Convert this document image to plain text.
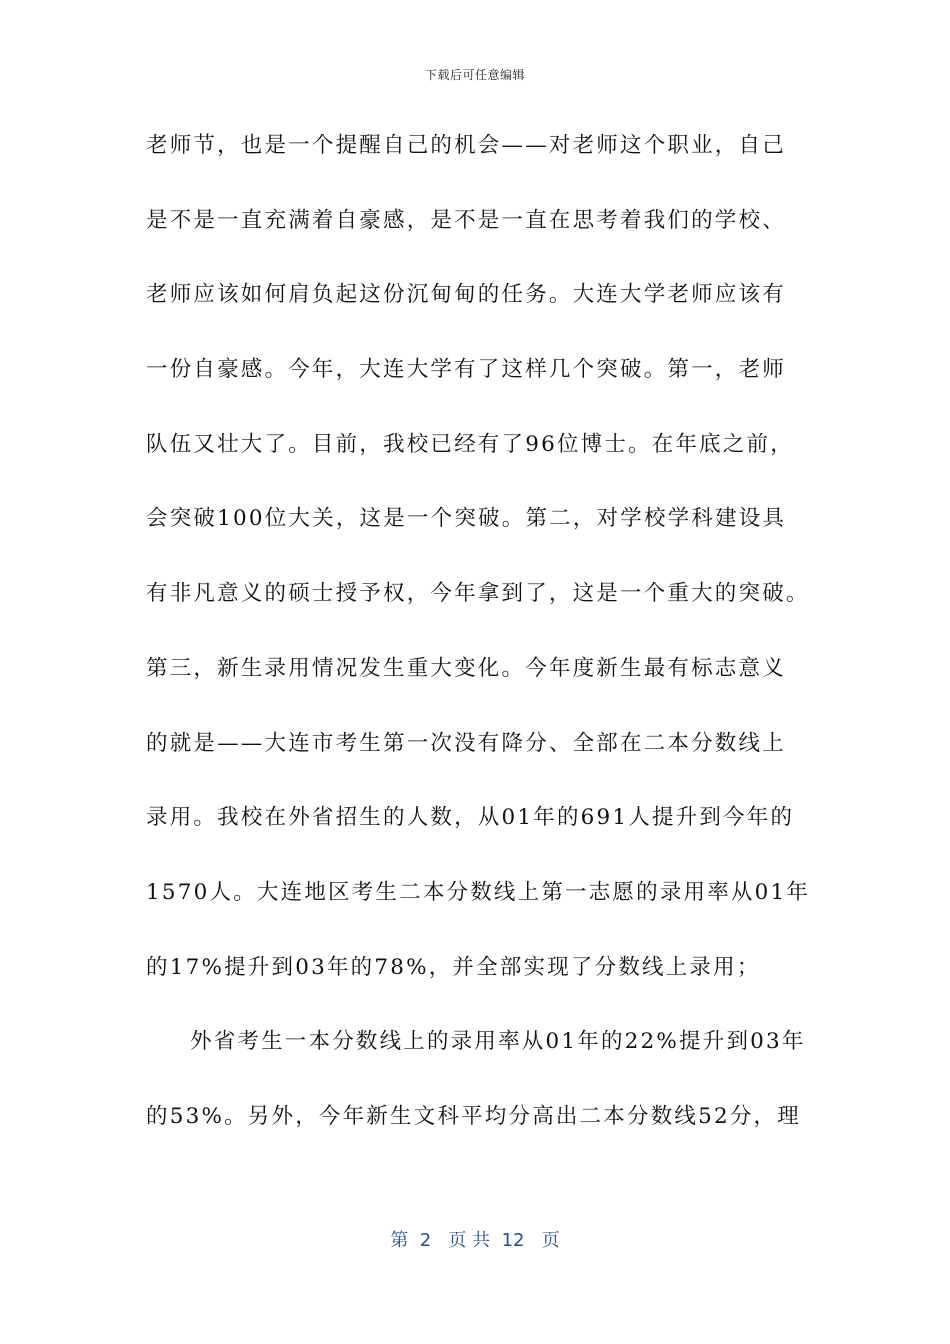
下载后可任意编辑
老师节，也是一个提醒自己的机会——对老师这个职业，自己
是不是一直充满着自豪感，是不是一直在思考着我们的学校、
老师应该如何肩负起这份沉甸甸的任务。大连大学老师应该有
一份自豪感。今年，大连大学有了这样几个突破。第一，老师
队伍又壮大了。目前，我校已经有了96位博士。在年底之前，
会突破100位大关，这是一个突破。第二，对学校学科建设具
有非凡意义的硕士授予权，今年拿到了，这是一个重大的突破。
第三，新生录用情况发生重大变化。今年度新生最有标志意义
的就是——大连市考生第一次没有降分、全部在二本分数线上
录用。我校在外省招生的人数，从01年的691人提升到今年的
1570人。大连地区考生二本分数线上第一志愿的录用率从01年
的17%提升到03年的78%，并全部实现了分数线上录用；
外省考生一本分数线上的录用率从01年的22%提升到03年
的53%。另外，今年新生文科平均分高出二本分数线52分，理
第  2   页 共  12   页
